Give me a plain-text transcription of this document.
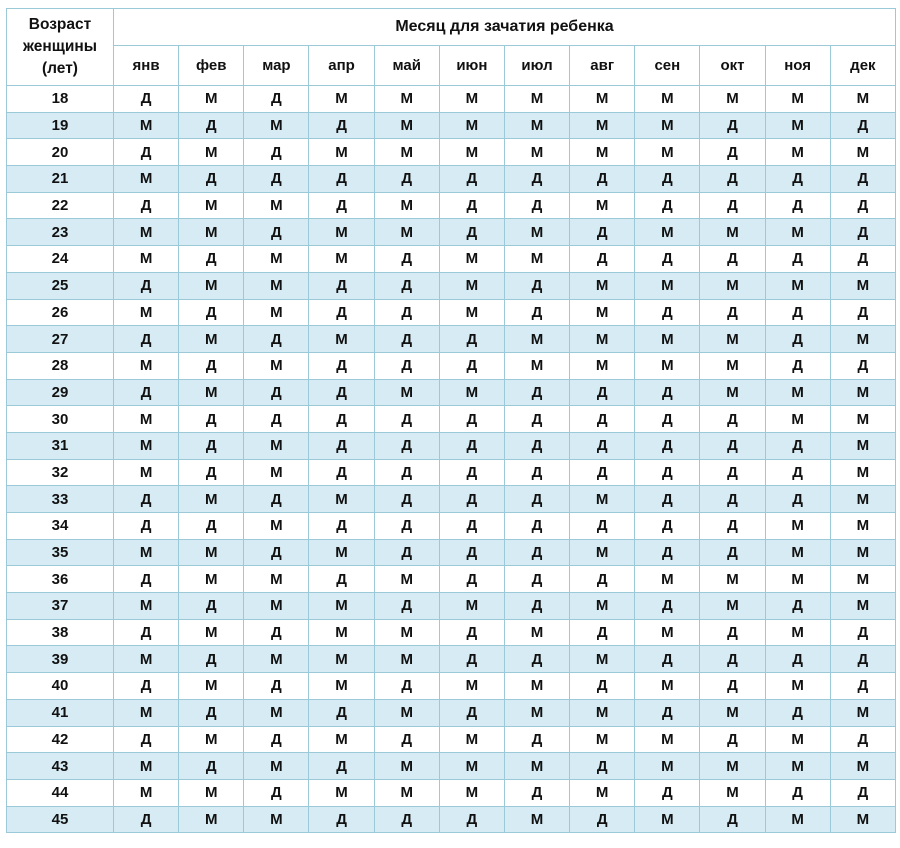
Возраст
женщины
(лет)	Месяц для зачатия ребенка											
	янв	фев	мар	апр	май	июн	июл	авг	сен	окт	ноя	дек
18	Д	М	Д	М	М	М	М	М	М	М	М	М
19	М	Д	М	Д	М	М	М	М	М	Д	М	Д
20	Д	М	Д	М	М	М	М	М	М	Д	М	М
21	М	Д	Д	Д	Д	Д	Д	Д	Д	Д	Д	Д
22	Д	М	М	Д	М	Д	Д	М	Д	Д	Д	Д
23	М	М	Д	М	М	Д	М	Д	М	М	М	Д
24	М	Д	М	М	Д	М	М	Д	Д	Д	Д	Д
25	Д	М	М	Д	Д	М	Д	М	М	М	М	М
26	М	Д	М	Д	Д	М	Д	М	Д	Д	Д	Д
27	Д	М	Д	М	Д	Д	М	М	М	М	Д	М
28	М	Д	М	Д	Д	Д	М	М	М	М	Д	Д
29	Д	М	Д	Д	М	М	Д	Д	Д	М	М	М
30	М	Д	Д	Д	Д	Д	Д	Д	Д	Д	М	М
31	М	Д	М	Д	Д	Д	Д	Д	Д	Д	Д	М
32	М	Д	М	Д	Д	Д	Д	Д	Д	Д	Д	М
33	Д	М	Д	М	Д	Д	Д	М	Д	Д	Д	М
34	Д	Д	М	Д	Д	Д	Д	Д	Д	Д	М	М
35	М	М	Д	М	Д	Д	Д	М	Д	Д	М	М
36	Д	М	М	Д	М	Д	Д	Д	М	М	М	М
37	М	Д	М	М	Д	М	Д	М	Д	М	Д	М
38	Д	М	Д	М	М	Д	М	Д	М	Д	М	Д
39	М	Д	М	М	М	Д	Д	М	Д	Д	Д	Д
40	Д	М	Д	М	Д	М	М	Д	М	Д	М	Д
41	М	Д	М	Д	М	Д	М	М	Д	М	Д	М
42	Д	М	Д	М	Д	М	Д	М	М	Д	М	Д
43	М	Д	М	Д	М	М	М	Д	М	М	М	М
44	М	М	Д	М	М	М	Д	М	Д	М	Д	Д
45	Д	М	М	Д	Д	Д	М	Д	М	Д	М	М
